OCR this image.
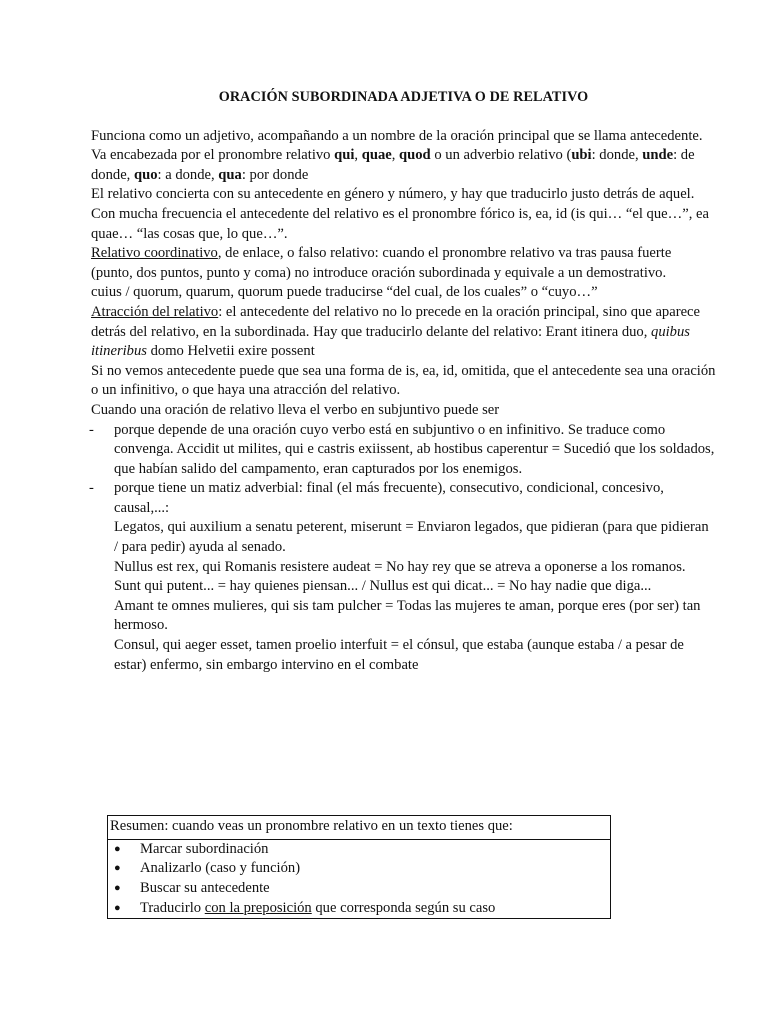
ORACIÓN SUBORDINADA ADJETIVA O DE RELATIVO

Funciona como un adjetivo, acompañando a un nombre de la oración principal que se llama antecedente.

Va encabezada por el pronombre relativo qui, quae, quod o un adverbio relativo (ubi: donde, unde: de donde, quo: a donde, qua: por donde

El relativo concierta con su antecedente en género y número, y hay que traducirlo justo detrás de aquel.

Con mucha frecuencia el antecedente del relativo es el pronombre fórico is, ea, id (is qui… “el que…”, ea quae… “las cosas que, lo que…”.

Relativo coordinativo, de enlace, o falso relativo: cuando el pronombre relativo va tras pausa fuerte (punto, dos puntos, punto y coma) no introduce oración subordinada y equivale a un demostrativo.

cuius / quorum, quarum, quorum puede traducirse “del cual, de los cuales” o “cuyo…”

Atracción del relativo: el antecedente del relativo no lo precede en la oración principal, sino que aparece detrás del relativo, en la subordinada. Hay que traducirlo delante del relativo: Erant itinera duo, quibus itineribus domo Helvetii exire possent

Si no vemos antecedente puede que sea una forma de is, ea, id, omitida, que el antecedente sea una oración o un infinitivo, o que haya una atracción del relativo.

Cuando una oración de relativo lleva el verbo en subjuntivo puede ser

- porque depende de una oración cuyo verbo está en subjuntivo o en infinitivo. Se traduce como convenga. Accidit ut milites, qui e castris exiissent, ab hostibus caperentur = Sucedió que los soldados, que habían salido del campamento, eran capturados por los enemigos.
- porque tiene un matiz adverbial: final (el más frecuente), consecutivo, condicional, concesivo, causal,...:
Legatos, qui auxilium a senatu peterent, miserunt = Enviaron legados, que pidieran (para que pidieran / para pedir) ayuda al senado.
Nullus est rex, qui Romanis resistere audeat = No hay rey que se atreva a oponerse a los romanos.
Sunt qui putent... = hay quienes piensan... / Nullus est qui dicat... = No hay nadie que diga...
Amant te omnes mulieres, qui sis tam pulcher = Todas las mujeres te aman, porque eres (por ser) tan hermoso.
Consul, qui aeger esset, tamen proelio interfuit = el cónsul, que estaba (aunque estaba / a pesar de estar) enfermo, sin embargo intervino en el combate
Resumen: cuando veas un pronombre relativo en un texto tienes que:
● Marcar subordinación
● Analizarlo (caso y función)
● Buscar su antecedente
● Traducirlo con la preposición que corresponda según su caso
